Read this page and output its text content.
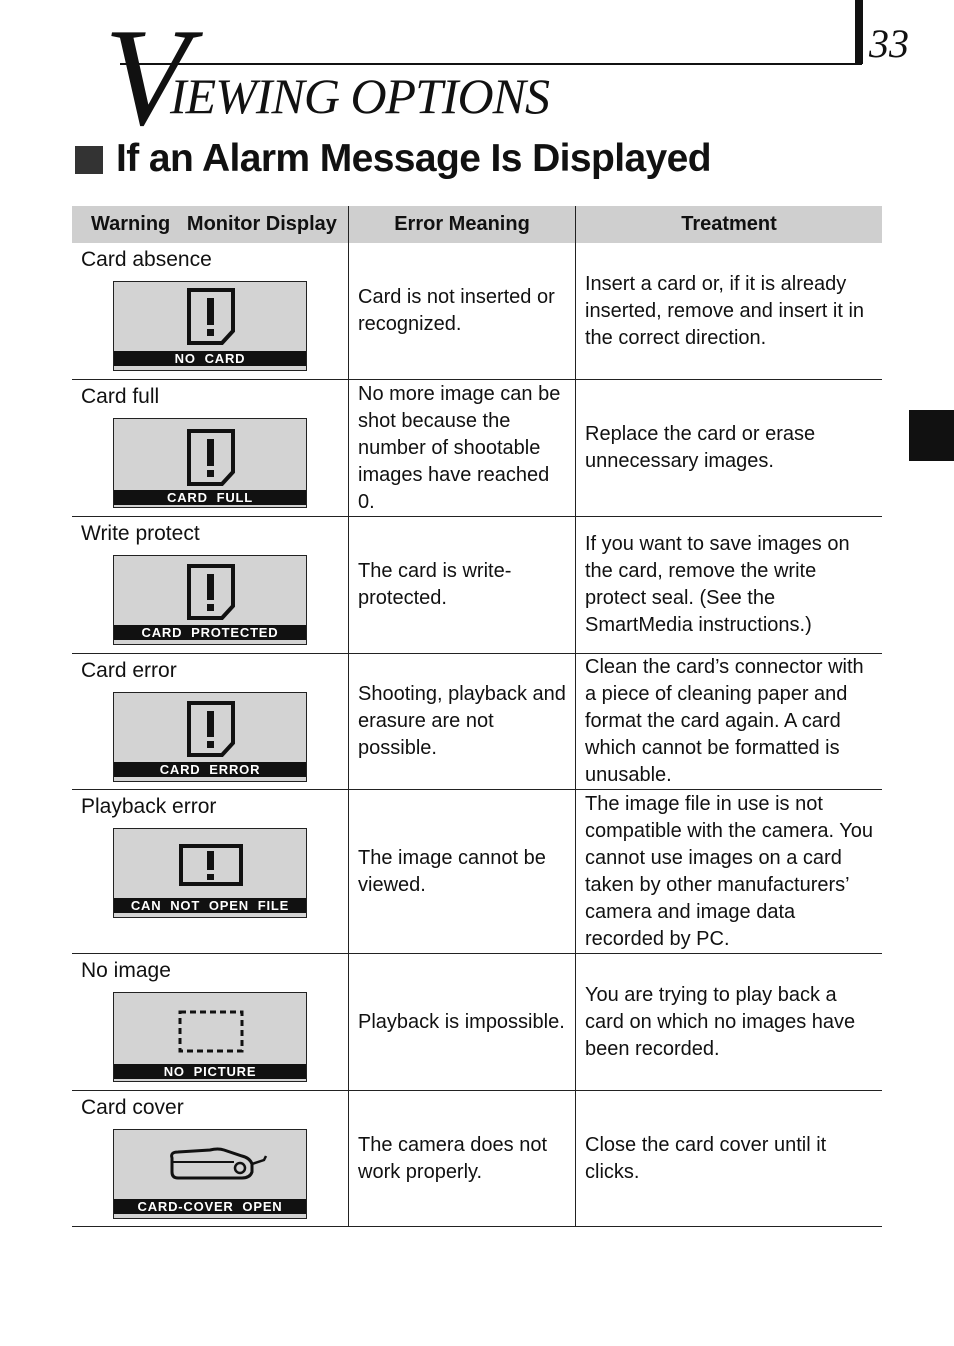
33
V
IEWING OPTIONS
If an Alarm Message Is Displayed
Warning   Monitor Display	Error Meaning	Treatment
Card absence
NO  CARD
Card is not inserted or recognized.
Insert a card or, if it is already inserted, remove and insert it in the correct direction.
Card full
CARD  FULL
No more image can be shot because the number of shootable images have reached 0.
Replace the card or erase unnecessary images.
Write protect
CARD  PROTECTED
The card is write-protected.
If you want to save images on the card, remove the write protect seal. (See the SmartMedia instructions.)
Card error
CARD  ERROR
Shooting, playback and erasure are not possible.
Clean the card’s connector with a piece of cleaning paper and format the card again. A card which cannot be formatted is unusable.
Playback error
CAN  NOT  OPEN  FILE
The image cannot be viewed.
The image file in use is not compatible with the camera. You cannot use images on a card taken by other manufacturers’ camera and image data recorded by PC.
No image
NO  PICTURE
Playback is impossible.
You are trying to play back a card on which no images have been recorded.
Card cover
CARD-COVER  OPEN
The camera does not work properly.
Close the card cover until it clicks.
